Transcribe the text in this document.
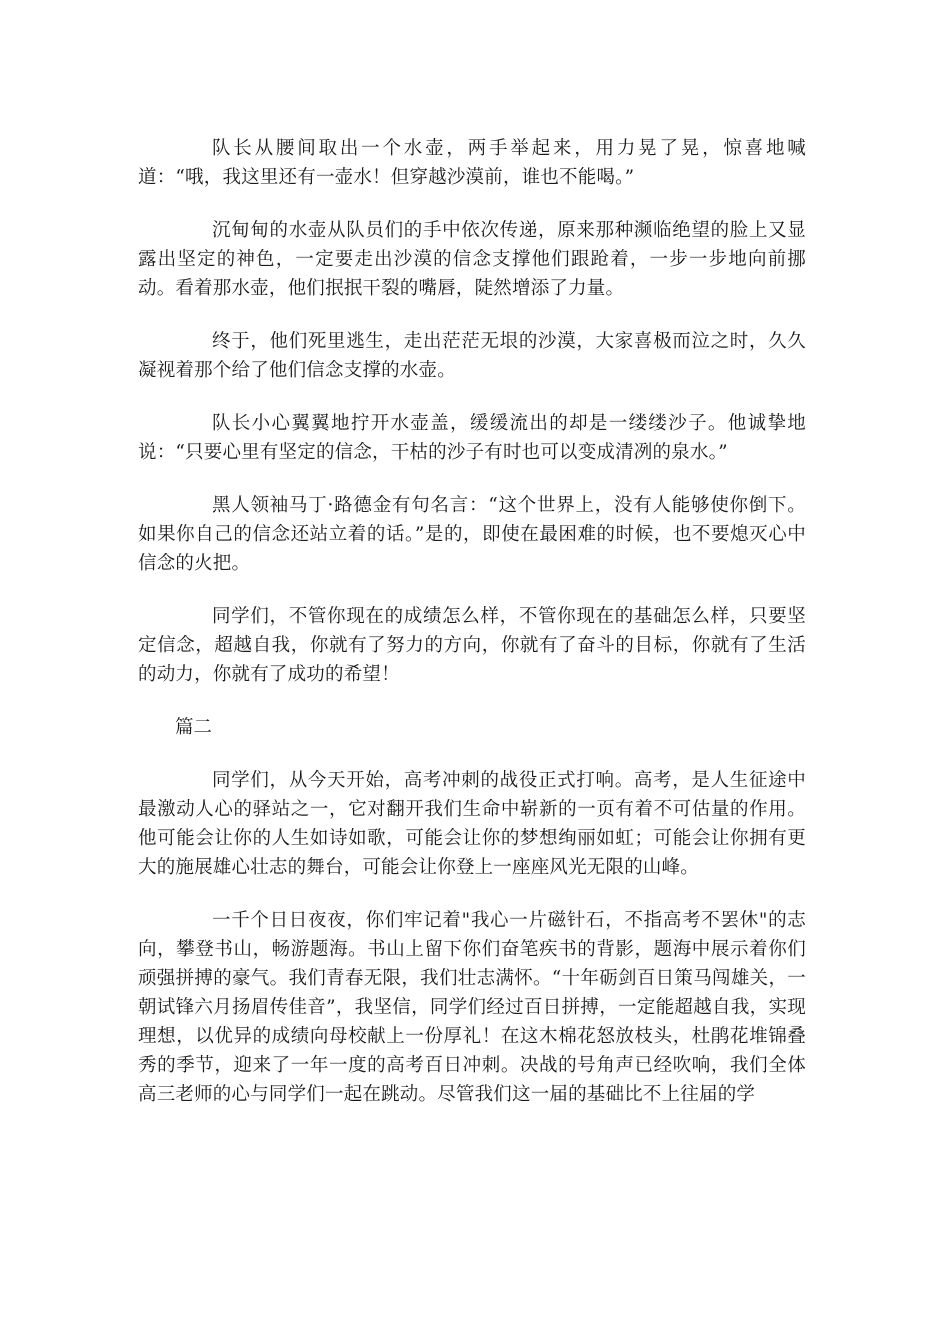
队长从腰间取出一个水壶，两手举起来，用力晃了晃，惊喜地喊道：“哦，我这里还有一壶水！但穿越沙漠前，谁也不能喝。”

沉甸甸的水壶从队员们的手中依次传递，原来那种濒临绝望的脸上又显露出坚定的神色，一定要走出沙漠的信念支撑他们跟跄着，一步一步地向前挪动。看着那水壶，他们抿抿干裂的嘴唇，陡然增添了力量。

终于，他们死里逃生，走出茫茫无垠的沙漠，大家喜极而泣之时，久久凝视着那个给了他们信念支撑的水壶。

队长小心翼翼地拧开水壶盖，缓缓流出的却是一缕缕沙子。他诚挚地说：“只要心里有坚定的信念，干枯的沙子有时也可以变成清冽的泉水。”

黑人领袖马丁·路德金有句名言：“这个世界上，没有人能够使你倒下。如果你自己的信念还站立着的话。”是的，即使在最困难的时候，也不要熄灭心中信念的火把。

同学们，不管你现在的成绩怎么样，不管你现在的基础怎么样，只要坚定信念，超越自我，你就有了努力的方向，你就有了奋斗的目标，你就有了生活的动力，你就有了成功的希望！

篇二

同学们，从今天开始，高考冲刺的战役正式打响。高考，是人生征途中最激动人心的驿站之一，它对翻开我们生命中崭新的一页有着不可估量的作用。他可能会让你的人生如诗如歌，可能会让你的梦想绚丽如虹；可能会让你拥有更大的施展雄心壮志的舞台，可能会让你登上一座座风光无限的山峰。

一千个日日夜夜，你们牢记着"我心一片磁针石，不指高考不罢休"的志向，攀登书山，畅游题海。书山上留下你们奋笔疾书的背影，题海中展示着你们顽强拼搏的豪气。我们青春无限，我们壮志满怀。“十年砺剑百日策马闯雄关，一朝试锋六月扬眉传佳音”，我坚信，同学们经过百日拼搏，一定能超越自我，实现理想，以优异的成绩向母校献上一份厚礼！在这木棉花怒放枝头，杜鹃花堆锦叠秀的季节，迎来了一年一度的高考百日冲刺。决战的号角声已经吹响，我们全体高三老师的心与同学们一起在跳动。尽管我们这一届的基础比不上往届的学
